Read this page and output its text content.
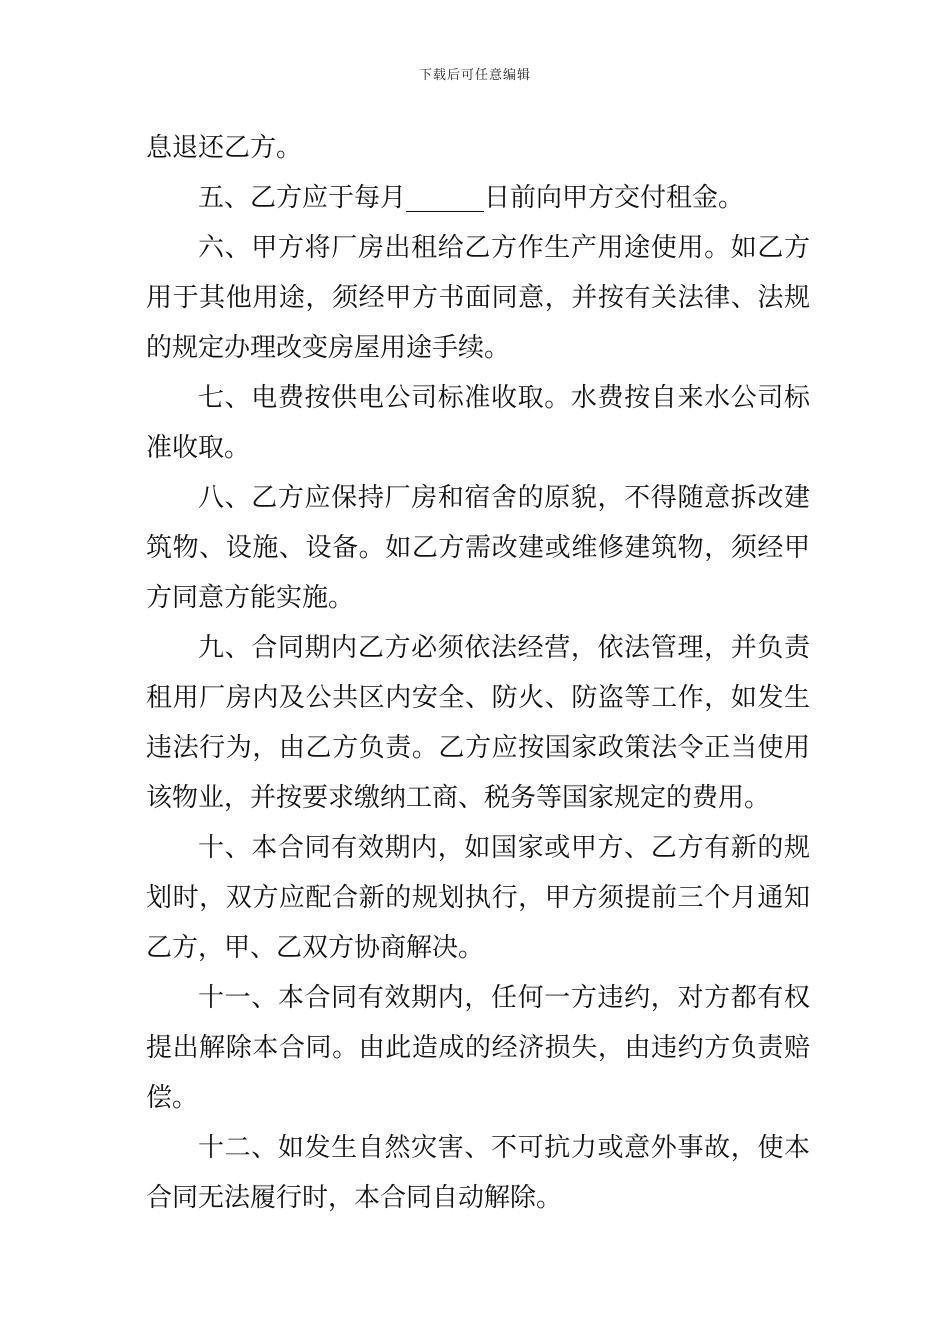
下载后可任意编辑

息退还乙方。

五、乙方应于每月______日前向甲方交付租金。

六、甲方将厂房出租给乙方作生产用途使用。如乙方用于其他用途，须经甲方书面同意，并按有关法律、法规的规定办理改变房屋用途手续。

七、电费按供电公司标准收取。水费按自来水公司标准收取。

八、乙方应保持厂房和宿舍的原貌，不得随意拆改建筑物、设施、设备。如乙方需改建或维修建筑物，须经甲方同意方能实施。

九、合同期内乙方必须依法经营，依法管理，并负责租用厂房内及公共区内安全、防火、防盗等工作，如发生违法行为，由乙方负责。乙方应按国家政策法令正当使用该物业，并按要求缴纳工商、税务等国家规定的费用。

十、本合同有效期内，如国家或甲方、乙方有新的规划时，双方应配合新的规划执行，甲方须提前三个月通知乙方，甲、乙双方协商解决。

十一、本合同有效期内，任何一方违约，对方都有权提出解除本合同。由此造成的经济损失，由违约方负责赔偿。

十二、如发生自然灾害、不可抗力或意外事故，使本合同无法履行时，本合同自动解除。
